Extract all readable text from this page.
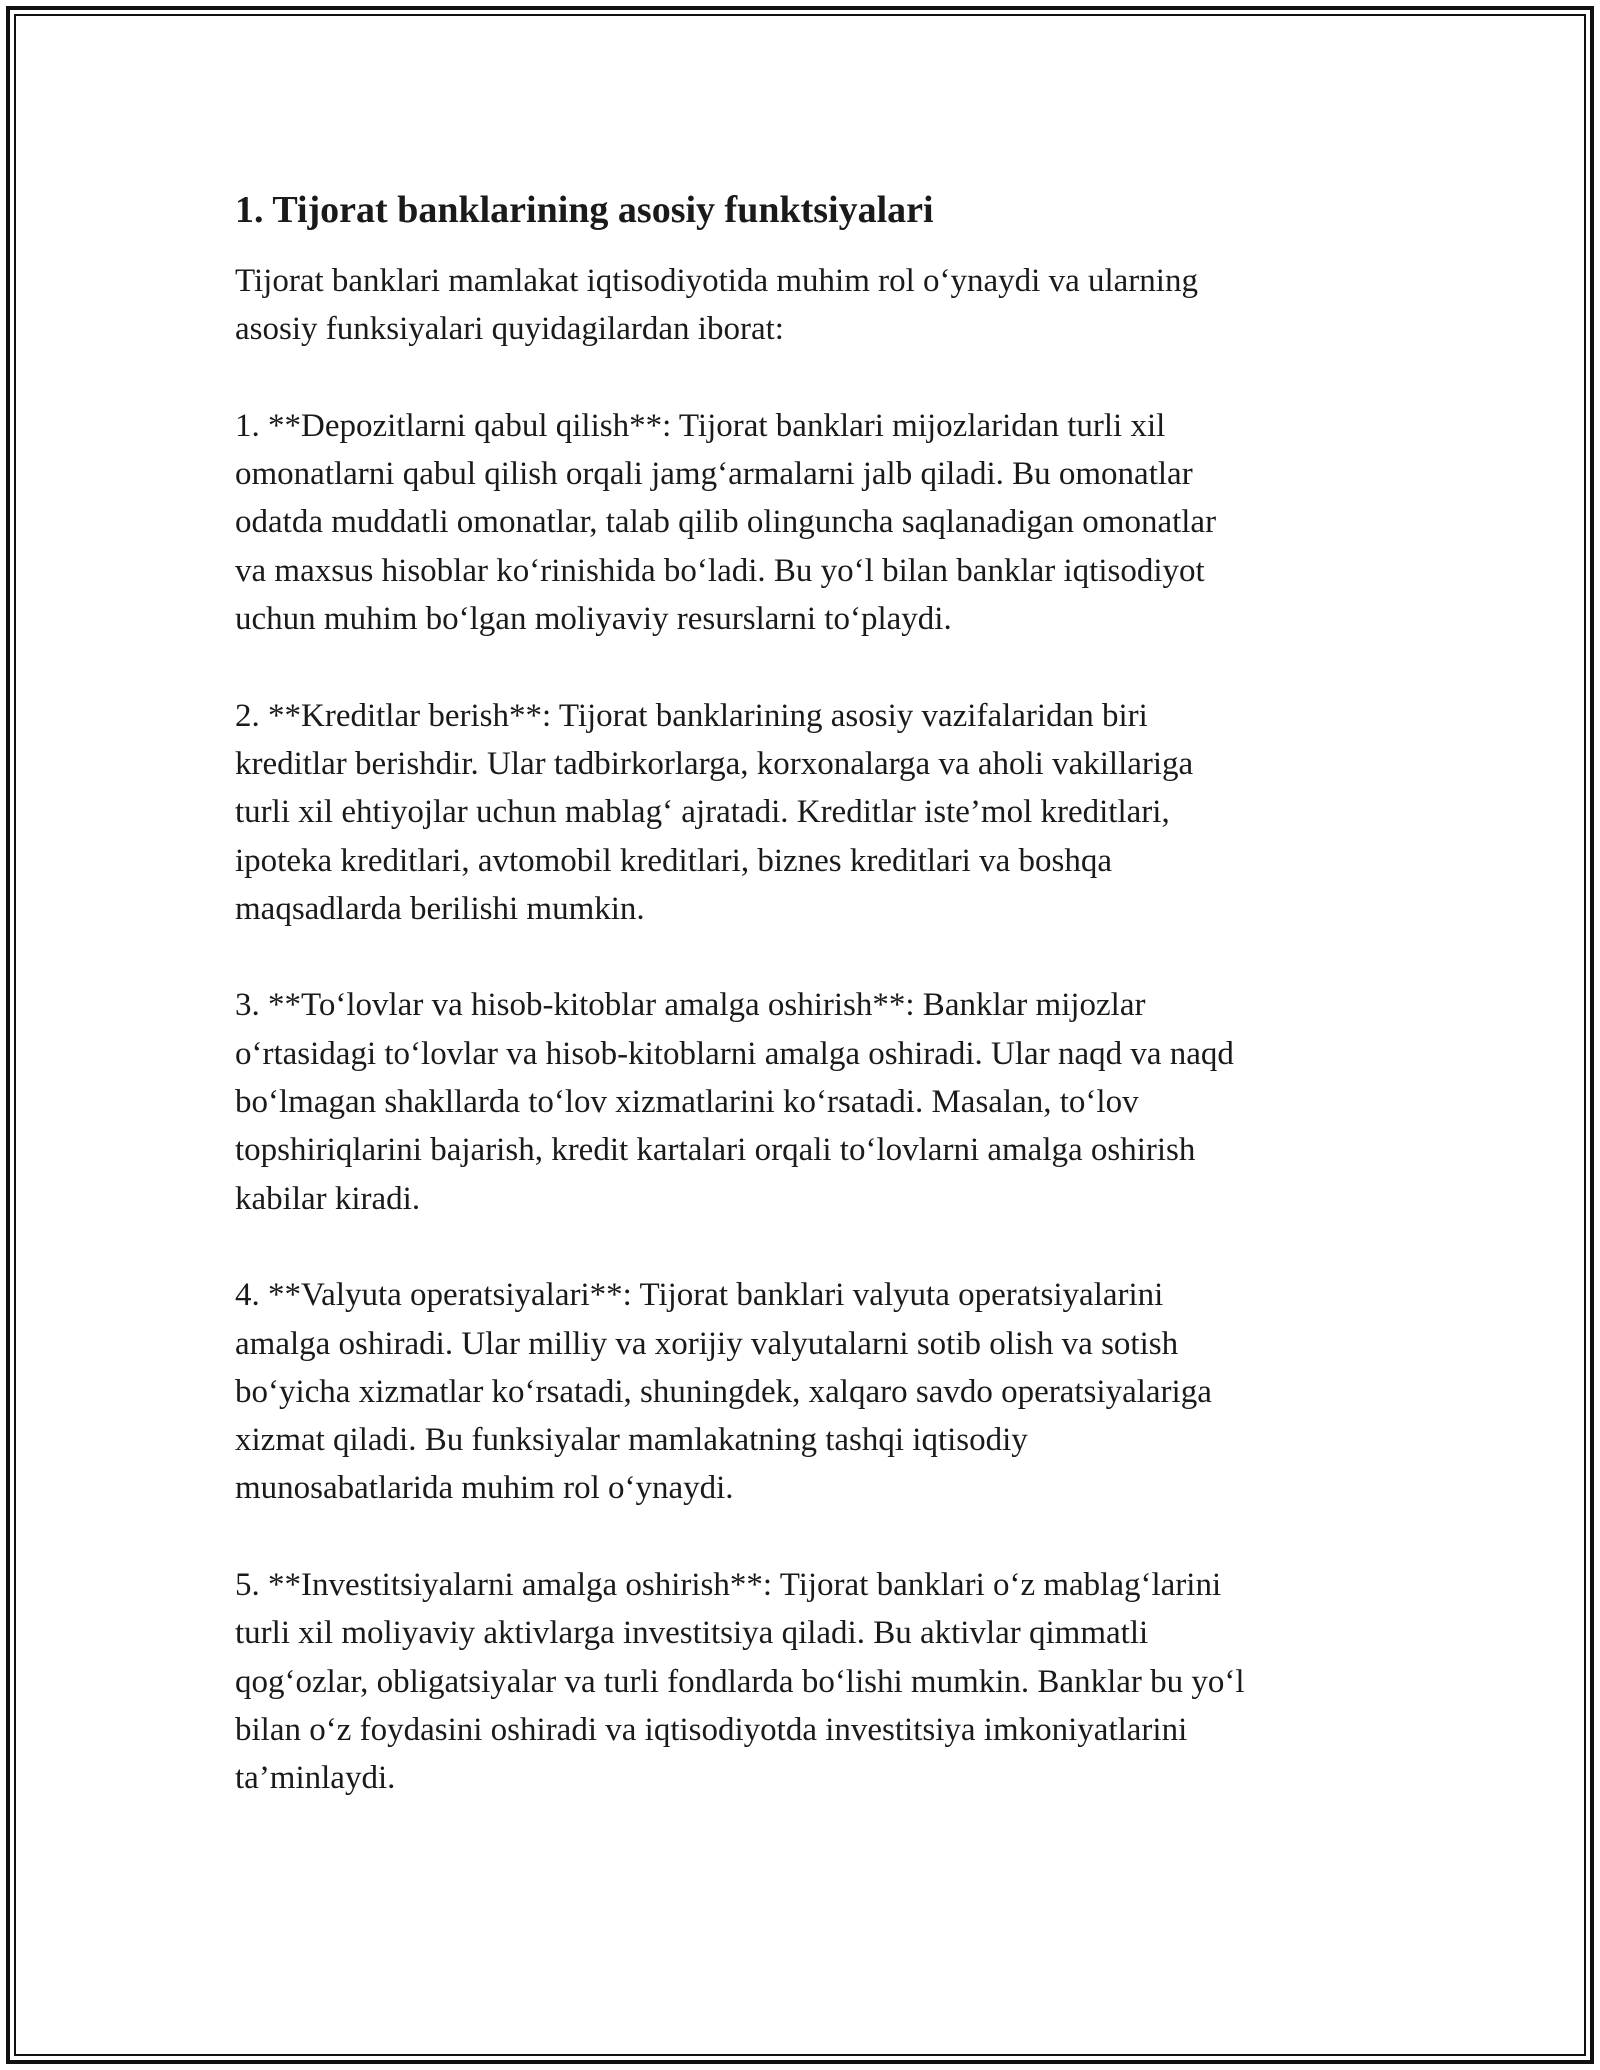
1. Tijorat banklarining asosiy funktsiyalari

Tijorat banklari mamlakat iqtisodiyotida muhim rol o‘ynaydi va ularning
asosiy funksiyalari quyidagilardan iborat:

1. **Depozitlarni qabul qilish**: Tijorat banklari mijozlaridan turli xil
omonatlarni qabul qilish orqali jamg‘armalarni jalb qiladi. Bu omonatlar
odatda muddatli omonatlar, talab qilib olinguncha saqlanadigan omonatlar
va maxsus hisoblar ko‘rinishida bo‘ladi. Bu yo‘l bilan banklar iqtisodiyot
uchun muhim bo‘lgan moliyaviy resurslarni to‘playdi.

2. **Kreditlar berish**: Tijorat banklarining asosiy vazifalaridan biri
kreditlar berishdir. Ular tadbirkorlarga, korxonalarga va aholi vakillariga
turli xil ehtiyojlar uchun mablag‘ ajratadi. Kreditlar iste’mol kreditlari,
ipoteka kreditlari, avtomobil kreditlari, biznes kreditlari va boshqa
maqsadlarda berilishi mumkin.

3. **To‘lovlar va hisob-kitoblar amalga oshirish**: Banklar mijozlar
o‘rtasidagi to‘lovlar va hisob-kitoblarni amalga oshiradi. Ular naqd va naqd
bo‘lmagan shakllarda to‘lov xizmatlarini ko‘rsatadi. Masalan, to‘lov
topshiriqlarini bajarish, kredit kartalari orqali to‘lovlarni amalga oshirish
kabilar kiradi.

4. **Valyuta operatsiyalari**: Tijorat banklari valyuta operatsiyalarini
amalga oshiradi. Ular milliy va xorijiy valyutalarni sotib olish va sotish
bo‘yicha xizmatlar ko‘rsatadi, shuningdek, xalqaro savdo operatsiyalariga
xizmat qiladi. Bu funksiyalar mamlakatning tashqi iqtisodiy
munosabatlarida muhim rol o‘ynaydi.

5. **Investitsiyalarni amalga oshirish**: Tijorat banklari o‘z mablag‘larini
turli xil moliyaviy aktivlarga investitsiya qiladi. Bu aktivlar qimmatli
qog‘ozlar, obligatsiyalar va turli fondlarda bo‘lishi mumkin. Banklar bu yo‘l
bilan o‘z foydasini oshiradi va iqtisodiyotda investitsiya imkoniyatlarini
ta’minlaydi.
